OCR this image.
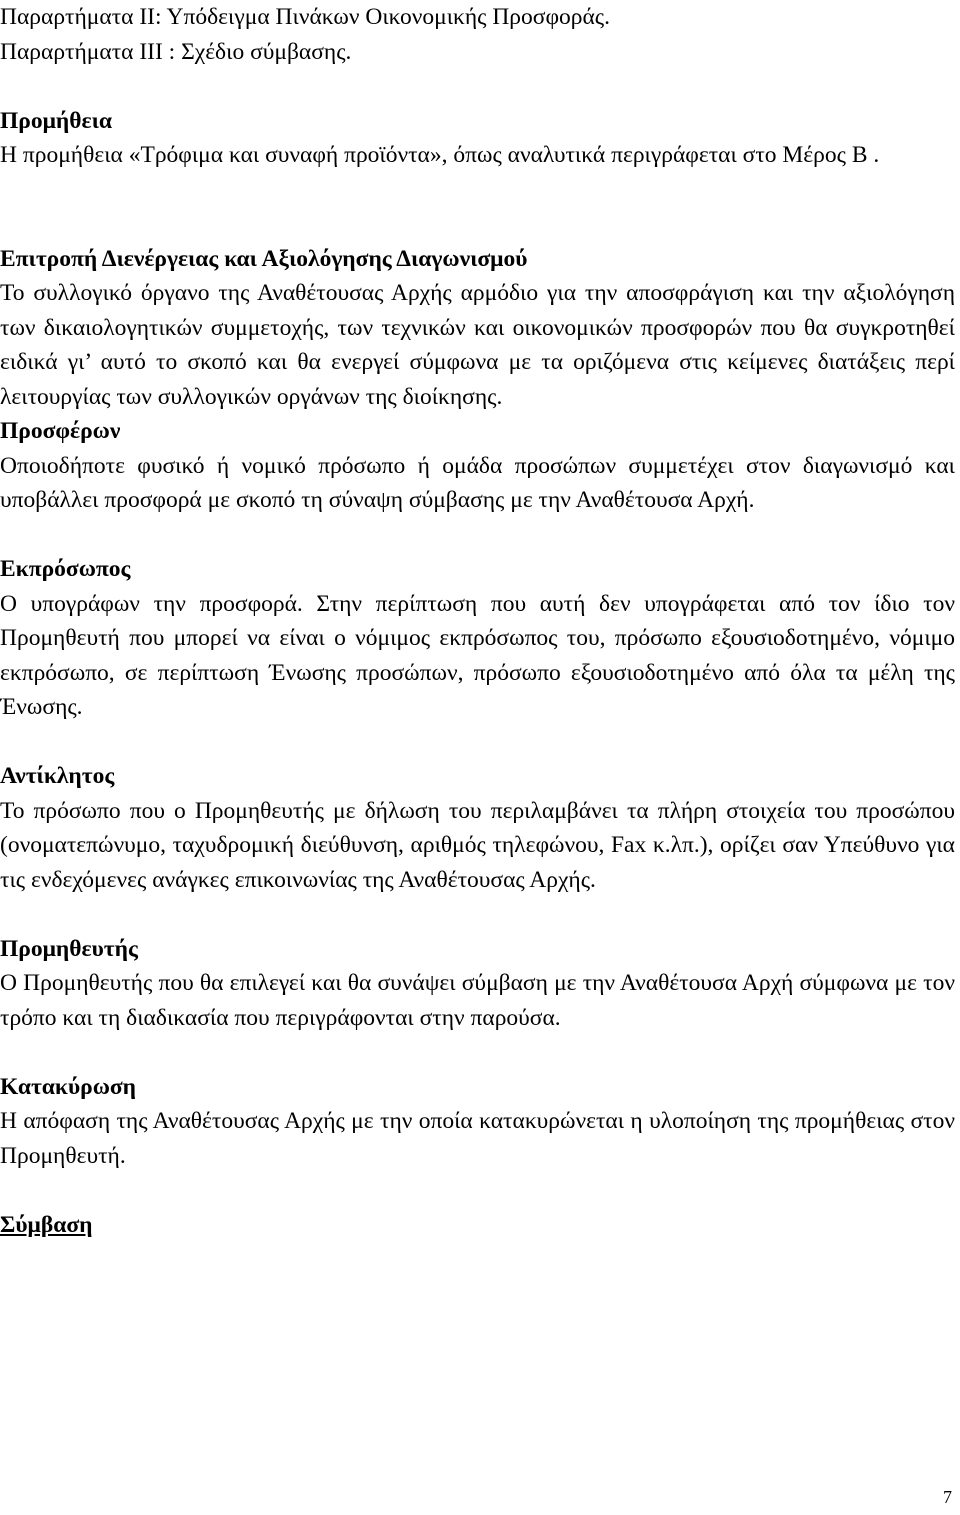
Παραρτήματα ΙΙ: Υπόδειγμα Πινάκων Οικονομικής Προσφοράς.

Παραρτήματα ΙΙΙ : Σχέδιο σύμβασης.

Προμήθεια

Η προμήθεια «Τρόφιμα και συναφή προϊόντα», όπως αναλυτικά περιγράφεται στο Μέρος Β .

Επιτροπή Διενέργειας και Αξιολόγησης Διαγωνισμού

Το συλλογικό όργανο της Αναθέτουσας Αρχής αρμόδιο για την αποσφράγιση και την αξιολόγηση των δικαιολογητικών συμμετοχής, των τεχνικών και οικονομικών προσφορών που θα συγκροτηθεί ειδικά γι’ αυτό το σκοπό και θα ενεργεί σύμφωνα με τα οριζόμενα στις κείμενες διατάξεις περί λειτουργίας των συλλογικών οργάνων της διοίκησης.

Προσφέρων

Οποιοδήποτε φυσικό ή νομικό πρόσωπο ή ομάδα προσώπων συμμετέχει στον διαγωνισμό και υποβάλλει προσφορά με σκοπό τη σύναψη σύμβασης με την Αναθέτουσα Αρχή.

Εκπρόσωπος

Ο υπογράφων την προσφορά. Στην περίπτωση που αυτή δεν υπογράφεται από τον ίδιο τον Προμηθευτή που μπορεί να είναι ο νόμιμος εκπρόσωπος του, πρόσωπο εξουσιοδοτημένο, νόμιμο εκπρόσωπο, σε περίπτωση Ένωσης προσώπων, πρόσωπο εξουσιοδοτημένο από όλα τα μέλη της Ένωσης.

Αντίκλητος

Το πρόσωπο που ο Προμηθευτής με δήλωση του περιλαμβάνει τα πλήρη στοιχεία του προσώπου (ονοματεπώνυμο, ταχυδρομική διεύθυνση, αριθμός τηλεφώνου, Fax κ.λπ.), ορίζει σαν Υπεύθυνο για τις ενδεχόμενες ανάγκες επικοινωνίας της Αναθέτουσας Αρχής.

Προμηθευτής

Ο Προμηθευτής που θα επιλεγεί και θα συνάψει σύμβαση με την Αναθέτουσα Αρχή σύμφωνα με τον τρόπο και τη διαδικασία που περιγράφονται στην παρούσα.

Κατακύρωση

Η απόφαση της Αναθέτουσας Αρχής με την οποία κατακυρώνεται η υλοποίηση της προμήθειας στον Προμηθευτή.

Σύμβαση

7
